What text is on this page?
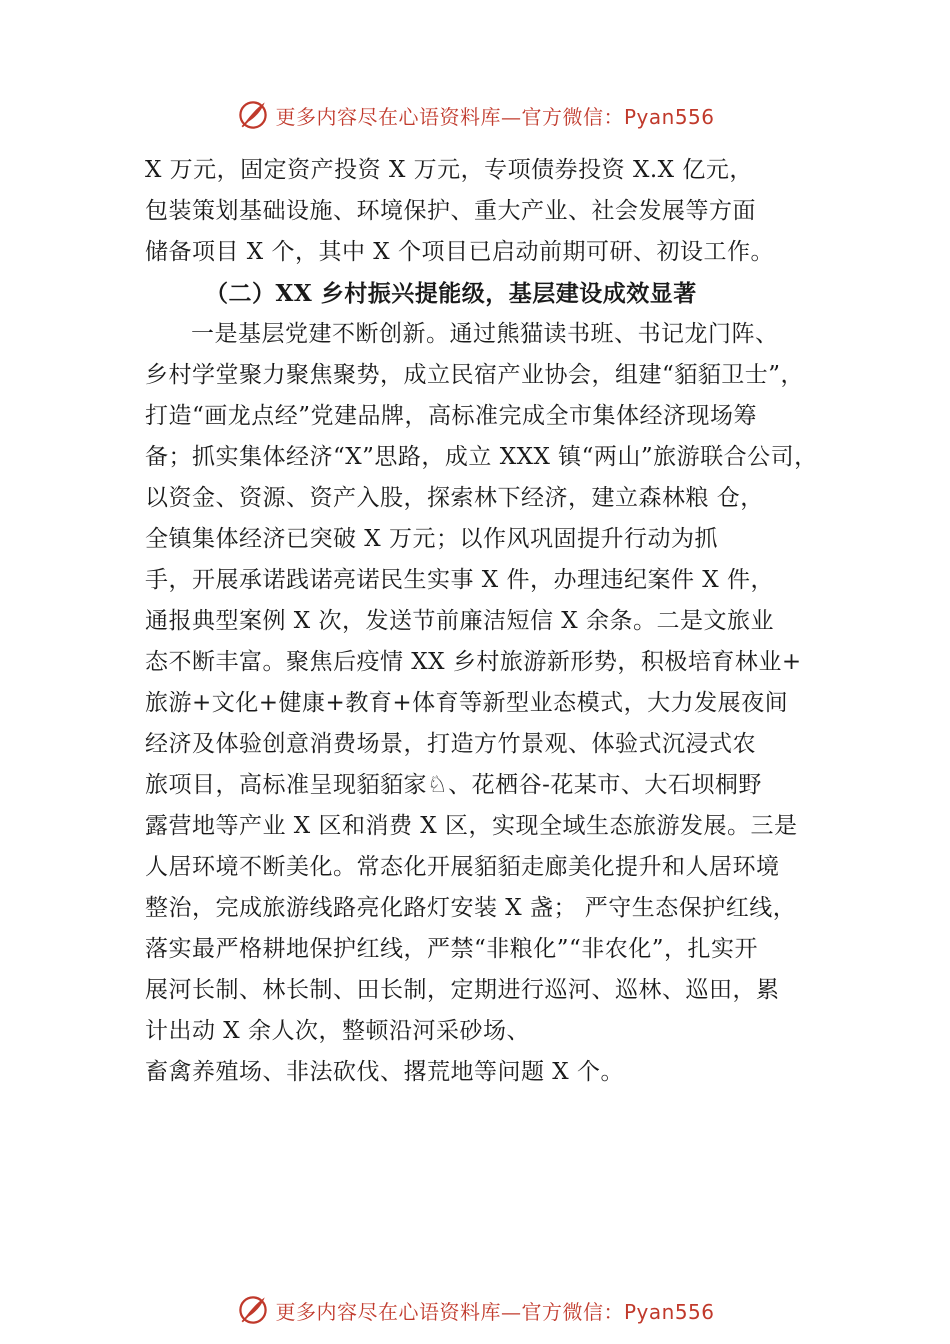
更多内容尽在心语资料库—官方微信：Pyan556
X 万元，固定资产投资 X 万元，专项债券投资 X.X 亿元，
包装策划基础设施、环境保护、重大产业、社会发展等方面
储备项目 X 个，其中 X 个项目已启动前期可研、初设工作。
（二）XX 乡村振兴提能级，基层建设成效显著
一是基层党建不断创新。通过熊猫读书班、书记龙门阵、
乡村学堂聚力聚焦聚势，成立民宿产业协会，组建“貊貊卫士”，
打造“画龙点经”党建品牌，高标准完成全市集体经济现场筹
备；抓实集体经济“X”思路，成立 XXX 镇“两山”旅游联合公司，
以资金、资源、资产入股，探索林下经济，建立森林粮 仓，
全镇集体经济已突破 X 万元；以作风巩固提升行动为抓
手，开展承诺践诺亮诺民生实事 X 件，办理违纪案件 X 件，
通报典型案例 X 次，发送节前廉洁短信 X 余条。二是文旅业
态不断丰富。聚焦后疫情 XX 乡村旅游新形势，积极培育林业+
旅游+文化+健康+教育+体育等新型业态模式，大力发展夜间
经济及体验创意消费场景，打造方竹景观、体验式沉浸式农
旅项目，高标准呈现貊貊家♘、花栖谷-花某市、大石坝桐野
露营地等产业 X 区和消费 X 区，实现全域生态旅游发展。三是
人居环境不断美化。常态化开展貊貊走廊美化提升和人居环境
整治，完成旅游线路亮化路灯安装 X 盏； 严守生态保护红线，
落实最严格耕地保护红线，严禁“非粮化”“非农化”，扎实开
展河长制、林长制、田长制，定期进行巡河、巡林、巡田，累
计出动 X 余人次，整顿沿河采砂场、
畜禽养殖场、非法砍伐、撂荒地等问题 X 个。
更多内容尽在心语资料库—官方微信：Pyan556
